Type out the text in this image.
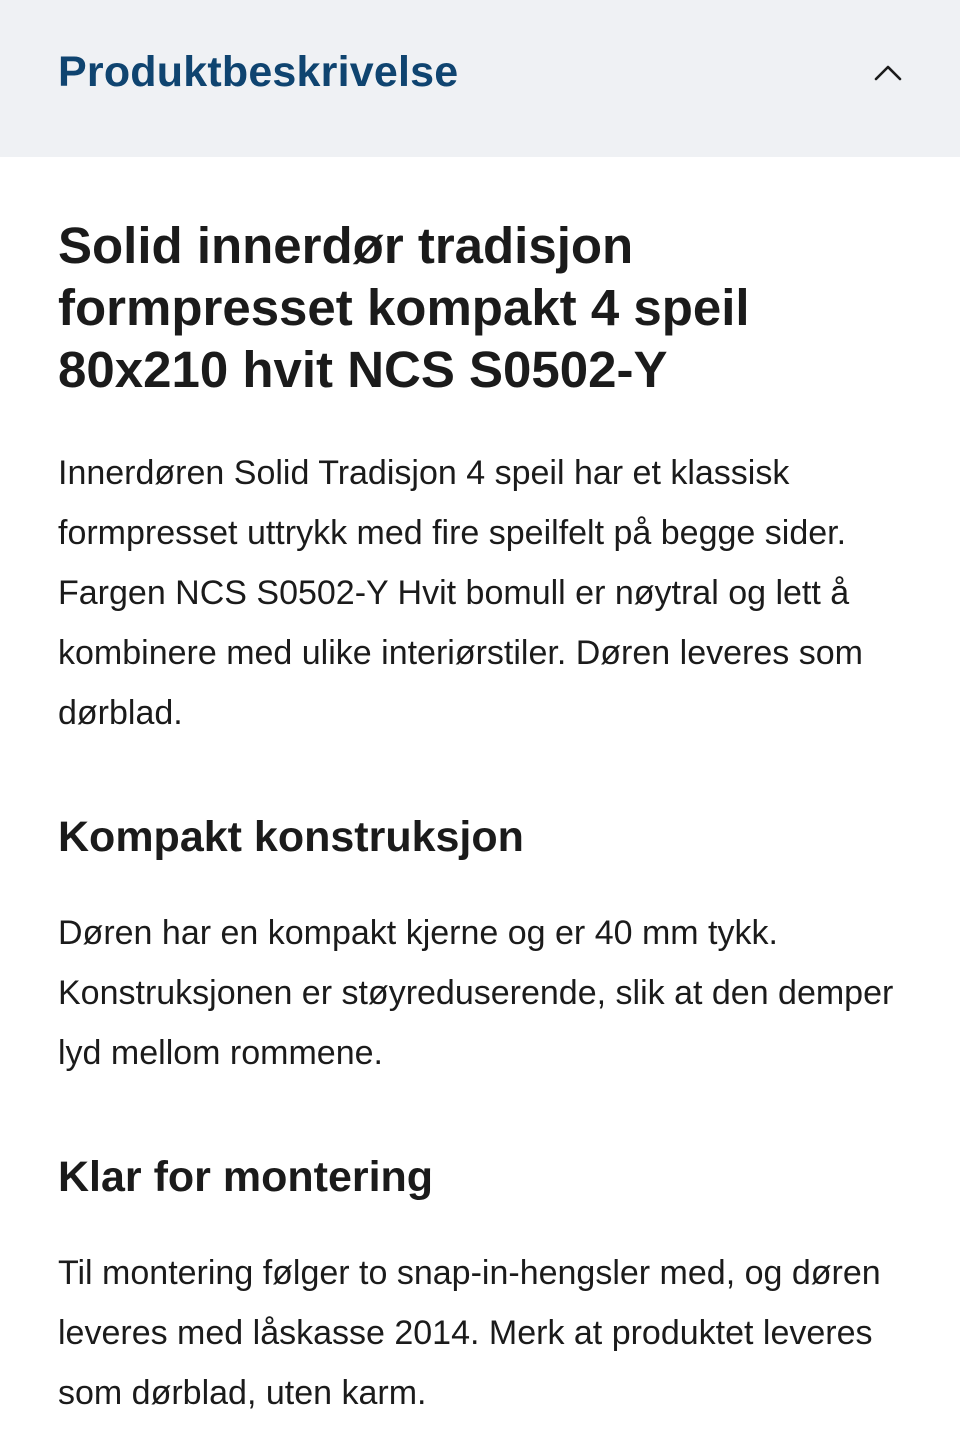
Produktbeskrivelse
Solid innerdør tradisjon formpresset kompakt 4 speil 80x210 hvit NCS S0502-Y

Innerdøren Solid Tradisjon 4 speil har et klassisk formpresset uttrykk med fire speilfelt på begge sider. Fargen NCS S0502-Y Hvit bomull er nøytral og lett å kombinere med ulike interiørstiler. Døren leveres som dørblad.

Kompakt konstruksjon

Døren har en kompakt kjerne og er 40 mm tykk. Konstruksjonen er støyreduserende, slik at den demper lyd mellom rommene.

Klar for montering

Til montering følger to snap-in-hengsler med, og døren leveres med låskasse 2014. Merk at produktet leveres som dørblad, uten karm.
